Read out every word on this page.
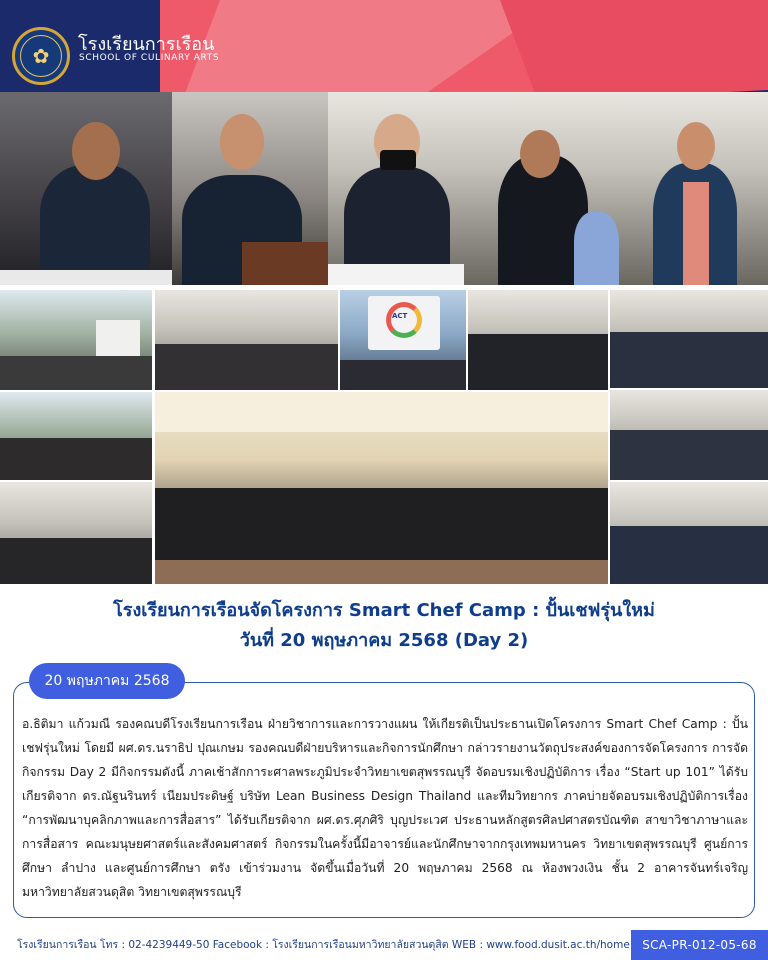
✿	โรงเรียนการเรือน
SCHOOL OF CULINARY ARTS
ACT
โรงเรียนการเรือนจัดโครงการ Smart Chef Camp : ปั้นเชฟรุ่นใหม่
วันที่ 20 พฤษภาคม 2568 (Day 2)
20 พฤษภาคม 2568
อ.ธิติมา แก้วมณี รองคณบดีโรงเรียนการเรือน ฝ่ายวิชาการและการวางแผน ให้เกียรติเป็นประธานเปิดโครงการ Smart Chef Camp : ปั้นเชฟรุ่นใหม่ โดยมี ผศ.ดร.นราธิป ปุณเกษม รองคณบดีฝ่ายบริหารและกิจการนักศึกษา กล่าวรายงานวัตถุประสงค์ของการจัดโครงการ การจัดกิจกรรม Day 2 มีกิจกรรมดังนี้ ภาคเช้าสักการะศาลพระภูมิประจำวิทยาเขตสุพรรณบุรี จัดอบรมเชิงปฏิบัติการ เรื่อง “Start up 101” ได้รับเกียรติจาก ดร.ณัฐนรินทร์ เนียมประดิษฐ์ บริษัท Lean Business Design Thailand และทีมวิทยากร ภาคบ่ายจัดอบรมเชิงปฏิบัติการเรื่อง “การพัฒนาบุคลิกภาพและการสื่อสาร” ได้รับเกียรติจาก ผศ.ดร.ศุภศิริ บุญประเวศ ประธานหลักสูตรศิลปศาสตรบัณฑิต สาขาวิชาภาษาและการสื่อสาร คณะมนุษยศาสตร์และสังคมศาสตร์ กิจกรรมในครั้งนี้มีอาจารย์และนักศึกษาจากกรุงเทพมหานคร วิทยาเขตสุพรรณบุรี ศูนย์การศึกษา ลำปาง และศูนย์การศึกษา ตรัง เข้าร่วมงาน จัดขึ้นเมื่อวันที่ 20 พฤษภาคม 2568 ณ ห้องพวงเงิน ชั้น 2 อาคารจันทร์เจริญ มหาวิทยาลัยสวนดุสิต วิทยาเขตสุพรรณบุรี
โรงเรียนการเรือน โทร : 02-4239449-50 Facebook : โรงเรียนการเรือนมหาวิทยาลัยสวนดุสิต WEB : www.food.dusit.ac.th/home	SCA-PR-012-05-68
